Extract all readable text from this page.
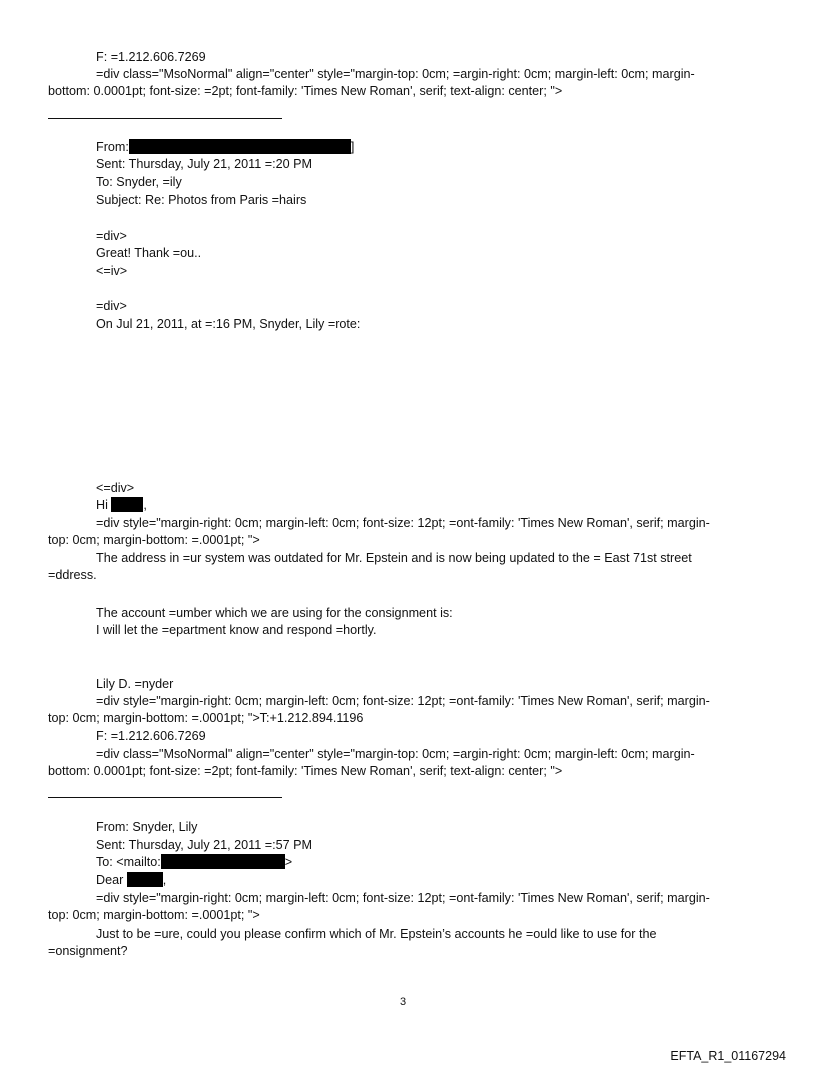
F: =1.212.606.7269
=div class="MsoNormal" align="center" style="margin-top: 0cm; =argin-right: 0cm; margin-left: 0cm; margin-
bottom: 0.0001pt; font-size: =2pt; font-family: 'Times New Roman', serif; text-align: center; ">
From:	]
Sent: Thursday, July 21, 2011 =:20 PM
To: Snyder, =ily
Subject: Re: Photos from Paris =hairs
=div>
Great! Thank =ou..
<=iv>
=div>
On Jul 21, 2011, at =:16 PM, Snyder, Lily =rote:
<=div>
Hi	,
=div style="margin-right: 0cm; margin-left: 0cm; font-size: 12pt; =ont-family: 'Times New Roman', serif; margin-
top: 0cm; margin-bottom: =.0001pt; ">
The address in =ur system was outdated for Mr. Epstein and is now being updated to the = East 71st street
=ddress.
The account =umber which we are using for the consignment is:
I will let the =epartment know and respond =hortly.
Lily D. =nyder
=div style="margin-right: 0cm; margin-left: 0cm; font-size: 12pt; =ont-family: 'Times New Roman', serif; margin-
top: 0cm; margin-bottom: =.0001pt; ">T:+1.212.894.1196
F: =1.212.606.7269
=div class="MsoNormal" align="center" style="margin-top: 0cm; =argin-right: 0cm; margin-left: 0cm; margin-
bottom: 0.0001pt; font-size: =2pt; font-family: 'Times New Roman', serif; text-align: center; ">
From: Snyder, Lily
Sent: Thursday, July 21, 2011 =:57 PM
To: <mailto:	>
Dear	,
=div style="margin-right: 0cm; margin-left: 0cm; font-size: 12pt; =ont-family: 'Times New Roman', serif; margin-
top: 0cm; margin-bottom: =.0001pt; ">
Just to be =ure, could you please confirm which of Mr. Epstein’s accounts he =ould like to use for the
=onsignment?
3
EFTA_R1_01167294
